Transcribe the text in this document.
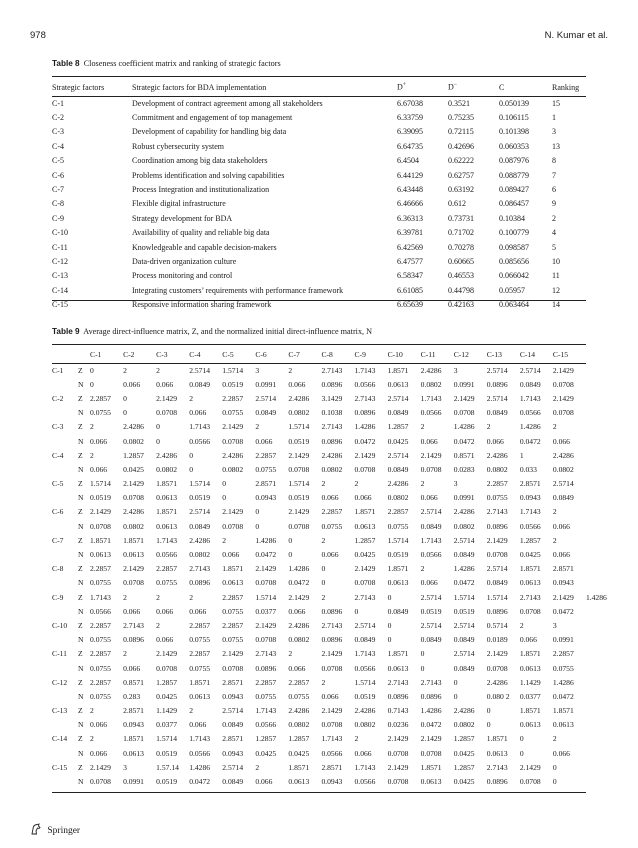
978	N. Kumar et al.
Table 8 Closeness coefficient matrix and ranking of strategic factors
Strategic factors	Strategic factors for BDA implementation	D+	D−	C	Ranking
C-1	Development of contract agreement among all stakeholders	6.67038	0.3521	0.050139	15
C-2	Commitment and engagement of top management	6.33759	0.75235	0.106115	1
C-3	Development of capability for handling big data	6.39095	0.72115	0.101398	3
C-4	Robust cybersecurity system	6.64735	0.42696	0.060353	13
C-5	Coordination among big data stakeholders	6.4504	0.62222	0.087976	8
C-6	Problems identification and solving capabilities	6.44129	0.62757	0.088779	7
C-7	Process Integration and institutionalization	6.43448	0.63192	0.089427	6
C-8	Flexible digital infrastructure	6.46666	0.612	0.086457	9
C-9	Strategy development for BDA	6.36313	0.73731	0.10384	2
C-10	Availability of quality and reliable big data	6.39781	0.71702	0.100779	4
C-11	Knowledgeable and capable decision-makers	6.42569	0.70278	0.098587	5
C-12	Data-driven organization culture	6.47577	0.60665	0.085656	10
C-13	Process monitoring and control	6.58347	0.46553	0.066042	11
C-14	Integrating customers’ requirements with performance framework	6.61085	0.44798	0.05957	12
C-15	Responsive information sharing framework	6.65639	0.42163	0.063464	14
Table 9 Average direct-influence matrix, Z, and the normalized initial direct-influence matrix, N
		C-1	C-2	C-3	C-4	C-5	C-6	C-7	C-8	C-9	C-10	C-11	C-12	C-13	C-14	C-15	
C-1	Z	0	2	2	2.5714	1.5714	3	2	2.7143	1.7143	1.8571	2.4286	3	2.5714	2.5714	2.1429	
	N	0	0.066	0.066	0.0849	0.0519	0.0991	0.066	0.0896	0.0566	0.0613	0.0802	0.0991	0.0896	0.0849	0.0708	
C-2	Z	2.2857	0	2.1429	2	2.2857	2.5714	2.4286	3.1429	2.7143	2.5714	1.7143	2.1429	2.5714	1.7143	2.1429	
	N	0.0755	0	0.0708	0.066	0.0755	0.0849	0.0802	0.1038	0.0896	0.0849	0.0566	0.0708	0.0849	0.0566	0.0708	
C-3	Z	2	2.4286	0	1.7143	2.1429	2	1.5714	2.7143	1.4286	1.2857	2	1.4286	2	1.4286	2	
	N	0.066	0.0802	0	0.0566	0.0708	0.066	0.0519	0.0896	0.0472	0.0425	0.066	0.0472	0.066	0.0472	0.066	
C-4	Z	2	1.2857	2.4286	0	2.4286	2.2857	2.1429	2.4286	2.1429	2.5714	2.1429	0.8571	2.4286	1	2.4286	
	N	0.066	0.0425	0.0802	0	0.0802	0.0755	0.0708	0.0802	0.0708	0.0849	0.0708	0.0283	0.0802	0.033	0.0802	
C-5	Z	1.5714	2.1429	1.8571	1.5714	0	2.8571	1.5714	2	2	2.4286	2	3	2.2857	2.8571	2.5714	
	N	0.0519	0.0708	0.0613	0.0519	0	0.0943	0.0519	0.066	0.066	0.0802	0.066	0.0991	0.0755	0.0943	0.0849	
C-6	Z	2.1429	2.4286	1.8571	2.5714	2.1429	0	2.1429	2.2857	1.8571	2.2857	2.5714	2.4286	2.7143	1.7143	2	
	N	0.0708	0.0802	0.0613	0.0849	0.0708	0	0.0708	0.0755	0.0613	0.0755	0.0849	0.0802	0.0896	0.0566	0.066	
C-7	Z	1.8571	1.8571	1.7143	2.4286	2	1.4286	0	2	1.2857	1.5714	1.7143	2.5714	2.1429	1.2857	2	
	N	0.0613	0.0613	0.0566	0.0802	0.066	0.0472	0	0.066	0.0425	0.0519	0.0566	0.0849	0.0708	0.0425	0.066	
C-8	Z	2.2857	2.1429	2.2857	2.7143	1.8571	2.1429	1.4286	0	2.1429	1.8571	2	1.4286	2.5714	1.8571	2.8571	
	N	0.0755	0.0708	0.0755	0.0896	0.0613	0.0708	0.0472	0	0.0708	0.0613	0.066	0.0472	0.0849	0.0613	0.0943	
C-9	Z	1.7143	2	2	2	2.2857	1.5714	2.1429	2	2.7143	0	2.5714	1.5714	1.5714	2.7143	2.1429	1.4286
	N	0.0566	0.066	0.066	0.066	0.0755	0.0377	0.066	0.0896	0	0.0849	0.0519	0.0519	0.0896	0.0708	0.0472	
C-10	Z	2.2857	2.7143	2	2.2857	2.2857	2.1429	2.4286	2.7143	2.5714	0	2.5714	2.5714	0.5714	2	3	
	N	0.0755	0.0896	0.066	0.0755	0.0755	0.0708	0.0802	0.0896	0.0849	0	0.0849	0.0849	0.0189	0.066	0.0991	
C-11	Z	2.2857	2	2.1429	2.2857	2.1429	2.7143	2	2.1429	1.7143	1.8571	0	2.5714	2.1429	1.8571	2.2857	
	N	0.0755	0.066	0.0708	0.0755	0.0708	0.0896	0.066	0.0708	0.0566	0.0613	0	0.0849	0.0708	0.0613	0.0755	
C-12	Z	2.2857	0.8571	1.2857	1.8571	2.8571	2.2857	2.2857	2	1.5714	2.7143	2.7143	0	2.4286	1.1429	1.4286	
	N	0.0755	0.283	0.0425	0.0613	0.0943	0.0755	0.0755	0.066	0.0519	0.0896	0.0896	0	0.080 2	0.0377	0.0472	
C-13	Z	2	2.8571	1.1429	2	2.5714	1.7143	2.4286	2.1429	2.4286	0.7143	1.4286	2.4286	0	1.8571	1.8571	
	N	0.066	0.0943	0.0377	0.066	0.0849	0.0566	0.0802	0.0708	0.0802	0.0236	0.0472	0.0802	0	0.0613	0.0613	
C-14	Z	2	1.8571	1.5714	1.7143	2.8571	1.2857	1.2857	1.7143	2	2.1429	2.1429	1.2857	1.8571	0	2	
	N	0.066	0.0613	0.0519	0.0566	0.0943	0.0425	0.0425	0.0566	0.066	0.0708	0.0708	0.0425	0.0613	0	0.066	
C-15	Z	2.1429	3	1.57.14	1.4286	2.5714	2	1.8571	2.8571	1.7143	2.1429	1.8571	1.2857	2.7143	2.1429	0	
	N	0.0708	0.0991	0.0519	0.0472	0.0849	0.066	0.0613	0.0943	0.0566	0.0708	0.0613	0.0425	0.0896	0.0708	0	
Springer
